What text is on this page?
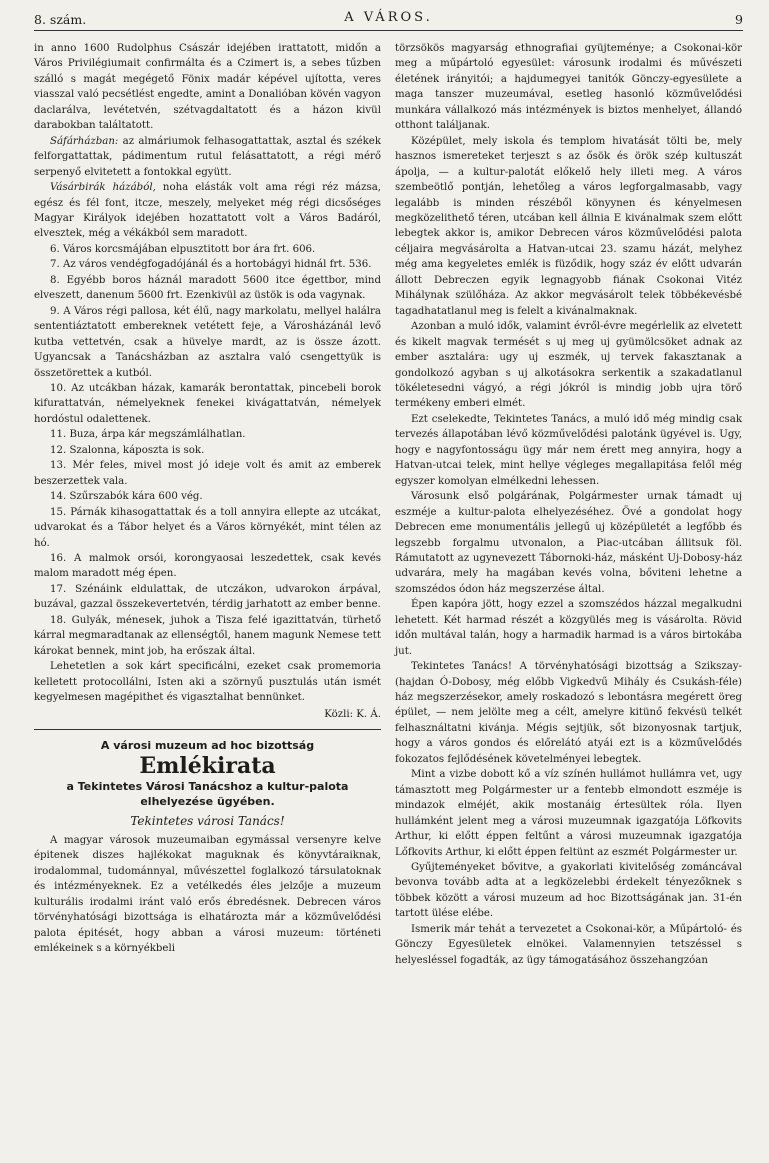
8. szám.	A VÁROS.	9

in anno 1600 Rudolphus Császár idejében irattatott, midőn a Város Privilégiumait confirmálta és a Czimert is, a sebes tűzben szálló s magát megégető Fönix madár képével ujította, veres viasszal való pecsétlést engedte, amint a Donalióban kövén vagyon daclarálva, levétetvén, szétvagdaltatott és a házon kivül darabokban találtatott.

Sáfárházban: az almáriumok felhasogattattak, asztal és székek felforgattattak, pádimentum rutul felásattatott, a régi mérő serpenyő elvitetett a fontokkal együtt.

Vásárbirák házából, noha elásták volt ama régi réz mázsa, egész és fél font, itcze, meszely, melyeket még régi dicsőséges Magyar Királyok idejében hozattatott volt a Város Badáról, elvesztek, még a vékákból sem maradott.

6. Város korcsmájában elpusztitott bor ára frt. 606.

7. Az város vendégfogadójánál és a hortobágyi hidnál frt. 536.

8. Egyébb boros háznál maradott 5600 itce égettbor, mind elveszett, danenum 5600 frt. Ezenkivül az üstök is oda vagynak.

9. A Város régi pallosa, két élű, nagy markolatu, mellyel halálra sententiáztatott embereknek vetétett feje, a Városházánál levő kutba vettetvén, csak a hüvelye mardt, az is össze ázott. Ugyancsak a Tanácsházban az asztalra való csengettyük is összetörettek a kutból.

10. Az utcákban házak, kamarák berontattak, pincebeli borok kifurattatván, némelyeknek fenekei kivágattatván, némelyek hordóstul odalettenek.

11. Buza, árpa kár megszámlálhatlan.

12. Szalonna, káposzta is sok.

13. Mér feles, mivel most jó ideje volt és amit az emberek beszerzettek vala.

14. Szűrszabók kára 600 vég.

15. Párnák kihasogattattak és a toll annyira ellepte az utcákat, udvarokat és a Tábor helyet és a Város környékét, mint télen az hó.

16. A malmok orsói, korongyaosai leszedettek, csak kevés malom maradott még épen.

17. Szénáink eldulattak, de utczákon, udvarokon árpával, buzával, gazzal összekevertetvén, térdig jarhatott az ember benne.

18. Gulyák, ménesek, juhok a Tisza felé igazittatván, türhető kárral megmaradtanak az ellenségtől, hanem magunk Nemese tett károkat bennek, mint job, ha erőszak által.

Lehetetlen a sok kárt specificálni, ezeket csak promemoria kelletett protocollálni, Isten aki a szörnyű pusztulás után ismét kegyelmesen magépithet és vigasztalhat bennünket.

Közli: K. Á.

A városi muzeum ad hoc bizottság
Emlékirata
a Tekintetes Városi Tanácshoz a kultur-palota elhelyezése ügyében.
Tekintetes városi Tanács!

A magyar városok muzeumaiban egymással versenyre kelve épitenek diszes hajlékokat maguknak és könyvtáraiknak, irodalommal, tudománnyal, művészettel foglalkozó társulatoknak és intézményeknek. Ez a vetélkedés éles jelzője a muzeum kulturális irodalmi iránt való erős ébredésnek. Debrecen város törvényhatósági bizottsága is elhatározta már a közművelődési palota épitését, hogy abban a városi muzeum: történeti emlékeinek s a környékbeli

törzsökös magyarság ethnografiai gyüjteménye; a Csokonai-kör meg a műpártoló egyesület: városunk irodalmi és művészeti életének irányitói; a hajdumegyei tanitók Gönczy-egyesülete a maga tanszer muzeumával, esetleg hasonló közművelődési munkára vállalkozó más intézmények is biztos menhelyet, állandó otthont találjanak.

Középület, mely iskola és templom hivatását tölti be, mely hasznos ismereteket terjeszt s az ősök és örök szép kultuszát ápolja, — a kultur-palotát előkelő hely illeti meg. A város szembeötlő pontján, lehetőleg a város legforgalmasabb, vagy legalább is minden részéből könyynen és kényelmesen megközelithető téren, utcában kell állnia E kivánalmak szem előtt lebegtek akkor is, amikor Debrecen város közművelődési palota céljaira megvásárolta a Hatvan-utcai 23. szamu házát, melyhez még ama kegyeletes emlék is füződik, hogy száz év előtt udvarán állott Debreczen egyik legnagyobb fiának Csokonai Vitéz Mihálynak szülőháza. Az akkor megvásárolt telek többékevésbé tagadhatatlanul meg is felelt a kivánalmaknak.

Azonban a muló idők, valamint évről-évre megérlelik az elvetett és kikelt magvak termését s uj meg uj gyümölcsöket adnak az ember asztalára: ugy uj eszmék, uj tervek fakasztanak a gondolkozó agyban s uj alkotásokra serkentik a szakadatlanul tökéletesedni vágyó, a régi jókról is mindig jobb ujra törő termékeny emberi elmét.

Ezt cselekedte, Tekintetes Tanács, a muló idő még mindig csak tervezés állapotában lévő közművelődési palotánk ügyével is. Ugy, hogy e nagyfontosságu ügy már nem érett meg annyira, hogy a Hatvan-utcai telek, mint hellye végleges megallapitása felől még egyszer komolyan elmélkedni lehessen.

Városunk első polgárának, Polgármester urnak támadt uj eszméje a kultur-palota elhelyezéséhez. Övé a gondolat hogy Debrecen eme monumentális jellegű uj középületét a legfőbb és legszebb forgalmu utvonalon, a Piac-utcában állitsuk föl. Rámutatott az ugynevezett Tábornoki-ház, másként Uj-Dobosy-ház udvarára, mely ha magában kevés volna, bőviteni lehetne a szomszédos ódon ház megszerzése által.

Épen kapóra jött, hogy ezzel a szomszédos házzal megalkudni lehetett. Két harmad részét a közgyülés meg is vásárolta. Rövid időn multával talán, hogy a harmadik harmad is a város birtokába jut.

Tekintetes Tanács! A törvényhatósági bizottság a Szikszay- (hajdan Ó-Dobosy, még előbb Vigkedvű Mihály és Csukásh-féle) ház megszerzésekor, amely roskadozó s lebontásra megérett öreg épület, — nem jelölte meg a célt, amelyre kitünő fekvésü telkét felhasználtatni kivánja. Mégis sejtjük, sőt bizonyosnak tartjuk, hogy a város gondos és előrelátó atyái ezt is a közművelődés fokozatos fejlődésének követelményei lebegtek.

Mint a vizbe dobott kő a víz színén hullámot hullámra vet, ugy támasztott meg Polgármester ur a fentebb elmondott eszméje is mindazok elméjét, akik mostanáig értesültek róla. Ilyen hullámként jelent meg a városi muzeumnak igazgatója Löfkovits Arthur, ki előtt éppen feltűnt a városi muzeumnak igazgatója Lőfkovits Arthur, ki előtt éppen feltünt az eszmét Polgármester ur.

Gyűjteményeket bővitve, a gyakorlati kivitelőség zománcával bevonva tovább adta at a legközelebbi érdekelt tényezőknek s többek között a városi muzeum ad hoc Bizottságának jan. 31-én tartott ülése elébe.

Ismerik már tehát a tervezetet a Csokonai-kör, a Műpártoló- és Gönczy Egyesületek elnökei. Valamennyien tetszéssel s helyesléssel fogadták, az ügy támogatásához összehangzóan
